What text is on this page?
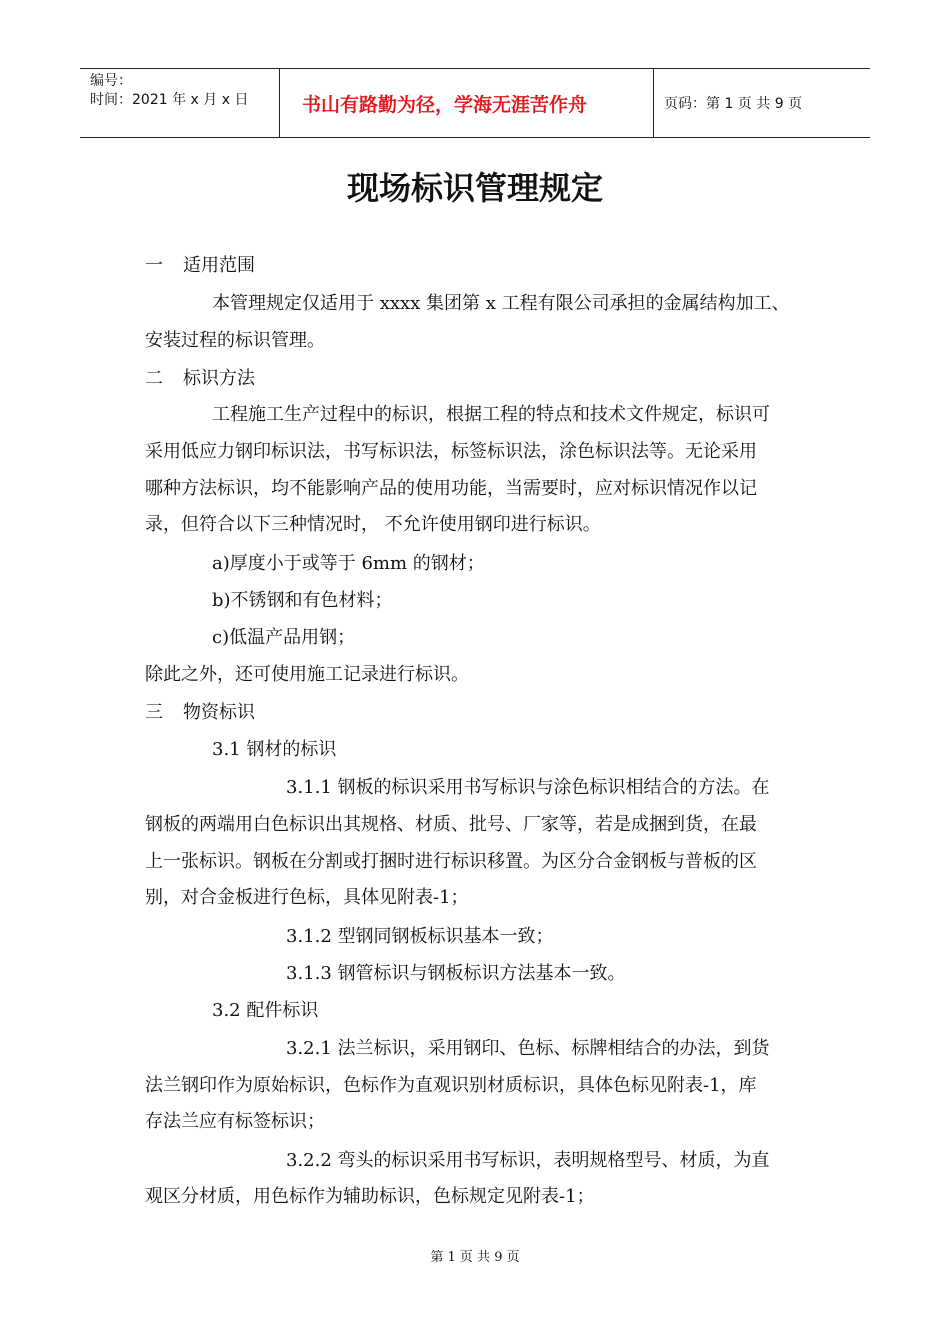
编号：
时间：2021 年 x 月 x 日	书山有路勤为径，学海无涯苦作舟	页码：第 1 页 共 9 页
现场标识管理规定
一 适用范围
本管理规定仅适用于 xxxx 集团第 x 工程有限公司承担的金属结构加工、
安装过程的标识管理。
二 标识方法
工程施工生产过程中的标识，根据工程的特点和技术文件规定，标识可
采用低应力钢印标识法，书写标识法，标签标识法，涂色标识法等。无论采用
哪种方法标识，均不能影响产品的使用功能，当需要时，应对标识情况作以记
录，但符合以下三种情况时， 不允许使用钢印进行标识。
a)厚度小于或等于 6mm 的钢材；
b)不锈钢和有色材料；
c)低温产品用钢；
除此之外，还可使用施工记录进行标识。
三 物资标识
3.1 钢材的标识
3.1.1 钢板的标识采用书写标识与涂色标识相结合的方法。在
钢板的两端用白色标识出其规格、材质、批号、厂家等，若是成捆到货，在最
上一张标识。钢板在分割或打捆时进行标识移置。为区分合金钢板与普板的区
别，对合金板进行色标，具体见附表-1；
3.1.2 型钢同钢板标识基本一致；
3.1.3 钢管标识与钢板标识方法基本一致。
3.2 配件标识
3.2.1 法兰标识，采用钢印、色标、标牌相结合的办法，到货
法兰钢印作为原始标识，色标作为直观识别材质标识，具体色标见附表-1，库
存法兰应有标签标识；
3.2.2 弯头的标识采用书写标识，表明规格型号、材质，为直
观区分材质，用色标作为辅助标识，色标规定见附表-1；
第 1 页 共 9 页
